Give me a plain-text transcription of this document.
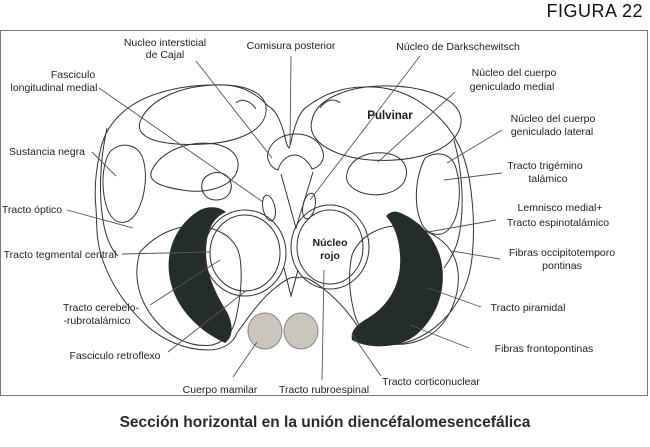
FIGURA 22
Nucleo intersticial
de Cajal
Comisura posterior	Núcleo de Darkschewitsch
Fasciculo
longitudinal medial
Núcleo del cuerpo
geniculado medial
Núcleo del cuerpo
geniculado lateral
Sustancia negra
Tracto trigémino
talámico
Tracto óptico	Lemnisco medial+
Tracto espinotalámico
Tracto tegmental central	Fibras occipitotemporo
pontinas
Tracto cerebelo-
-rubrotalámico
Tracto piramidal
Fasciculo retroflexo
Fibras frontopontinas
Cuerpo mamilar Tracto rubroespinal
Tracto corticonuclear
Pulvinar
Núcleo
rojo
Sección horizontal en la unión diencéfalomesencefálica
